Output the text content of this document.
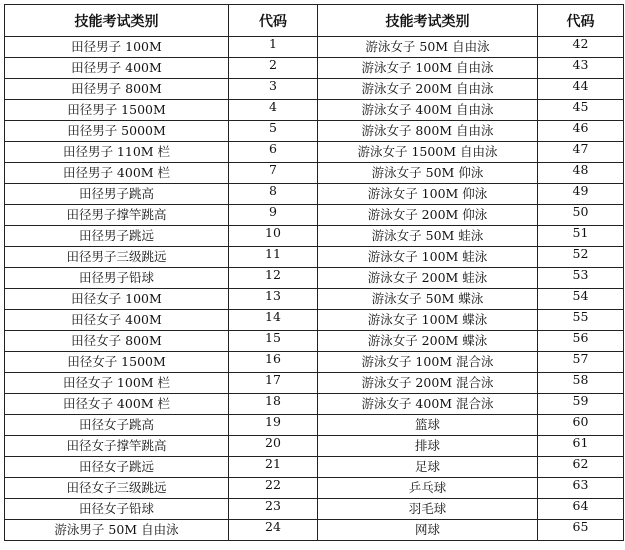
技能考试类别	代码	技能考试类别	代码
田径男子 100M	1	游泳女子 50M 自由泳	42
田径男子 400M	2	游泳女子 100M 自由泳	43
田径男子 800M	3	游泳女子 200M 自由泳	44
田径男子 1500M	4	游泳女子 400M 自由泳	45
田径男子 5000M	5	游泳女子 800M 自由泳	46
田径男子 110M 栏	6	游泳女子 1500M 自由泳	47
田径男子 400M 栏	7	游泳女子 50M 仰泳	48
田径男子跳高	8	游泳女子 100M 仰泳	49
田径男子撑竿跳高	9	游泳女子 200M 仰泳	50
田径男子跳远	10	游泳女子 50M 蛙泳	51
田径男子三级跳远	11	游泳女子 100M 蛙泳	52
田径男子铅球	12	游泳女子 200M 蛙泳	53
田径女子 100M	13	游泳女子 50M 蝶泳	54
田径女子 400M	14	游泳女子 100M 蝶泳	55
田径女子 800M	15	游泳女子 200M 蝶泳	56
田径女子 1500M	16	游泳女子 100M 混合泳	57
田径女子 100M 栏	17	游泳女子 200M 混合泳	58
田径女子 400M 栏	18	游泳女子 400M 混合泳	59
田径女子跳高	19	篮球	60
田径女子撑竿跳高	20	排球	61
田径女子跳远	21	足球	62
田径女子三级跳远	22	乒乓球	63
田径女子铅球	23	羽毛球	64
游泳男子 50M 自由泳	24	网球	65
